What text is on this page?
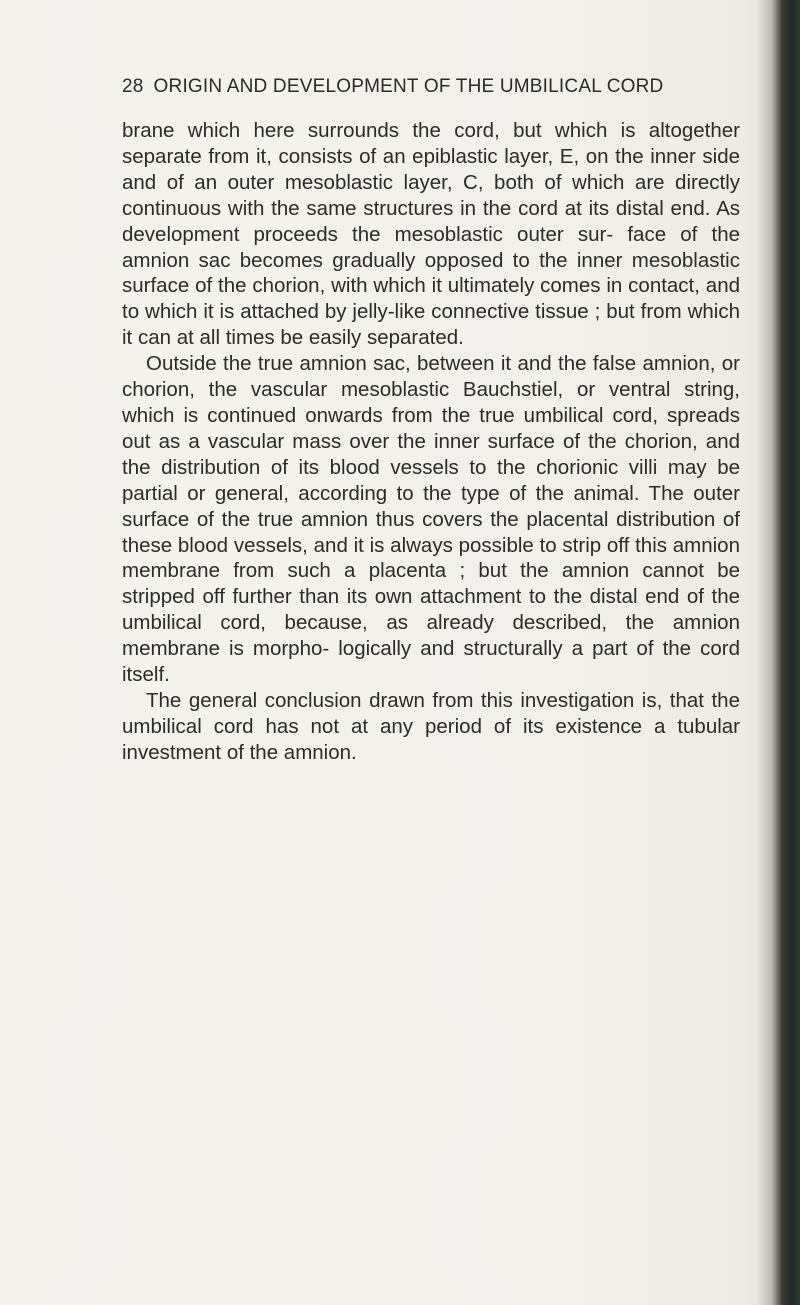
28 ORIGIN AND DEVELOPMENT OF THE UMBILICAL CORD

brane which here surrounds the cord, but which is altogether separate from it, consists of an epiblastic layer, E, on the inner side and of an outer mesoblastic layer, C, both of which are directly continuous with the same structures in the cord at its distal end. As development proceeds the mesoblastic outer sur- face of the amnion sac becomes gradually opposed to the inner mesoblastic surface of the chorion, with which it ultimately comes in contact, and to which it is attached by jelly-like connective tissue ; but from which it can at all times be easily separated.

Outside the true amnion sac, between it and the false amnion, or chorion, the vascular mesoblastic Bauchstiel, or ventral string, which is continued onwards from the true umbilical cord, spreads out as a vascular mass over the inner surface of the chorion, and the distribution of its blood vessels to the chorionic villi may be partial or general, according to the type of the animal. The outer surface of the true amnion thus covers the placental distribution of these blood vessels, and it is always possible to strip off this amnion membrane from such a placenta ; but the amnion cannot be stripped off further than its own attachment to the distal end of the umbilical cord, because, as already described, the amnion membrane is morpho- logically and structurally a part of the cord itself.

The general conclusion drawn from this investigation is, that the umbilical cord has not at any period of its existence a tubular investment of the amnion.
